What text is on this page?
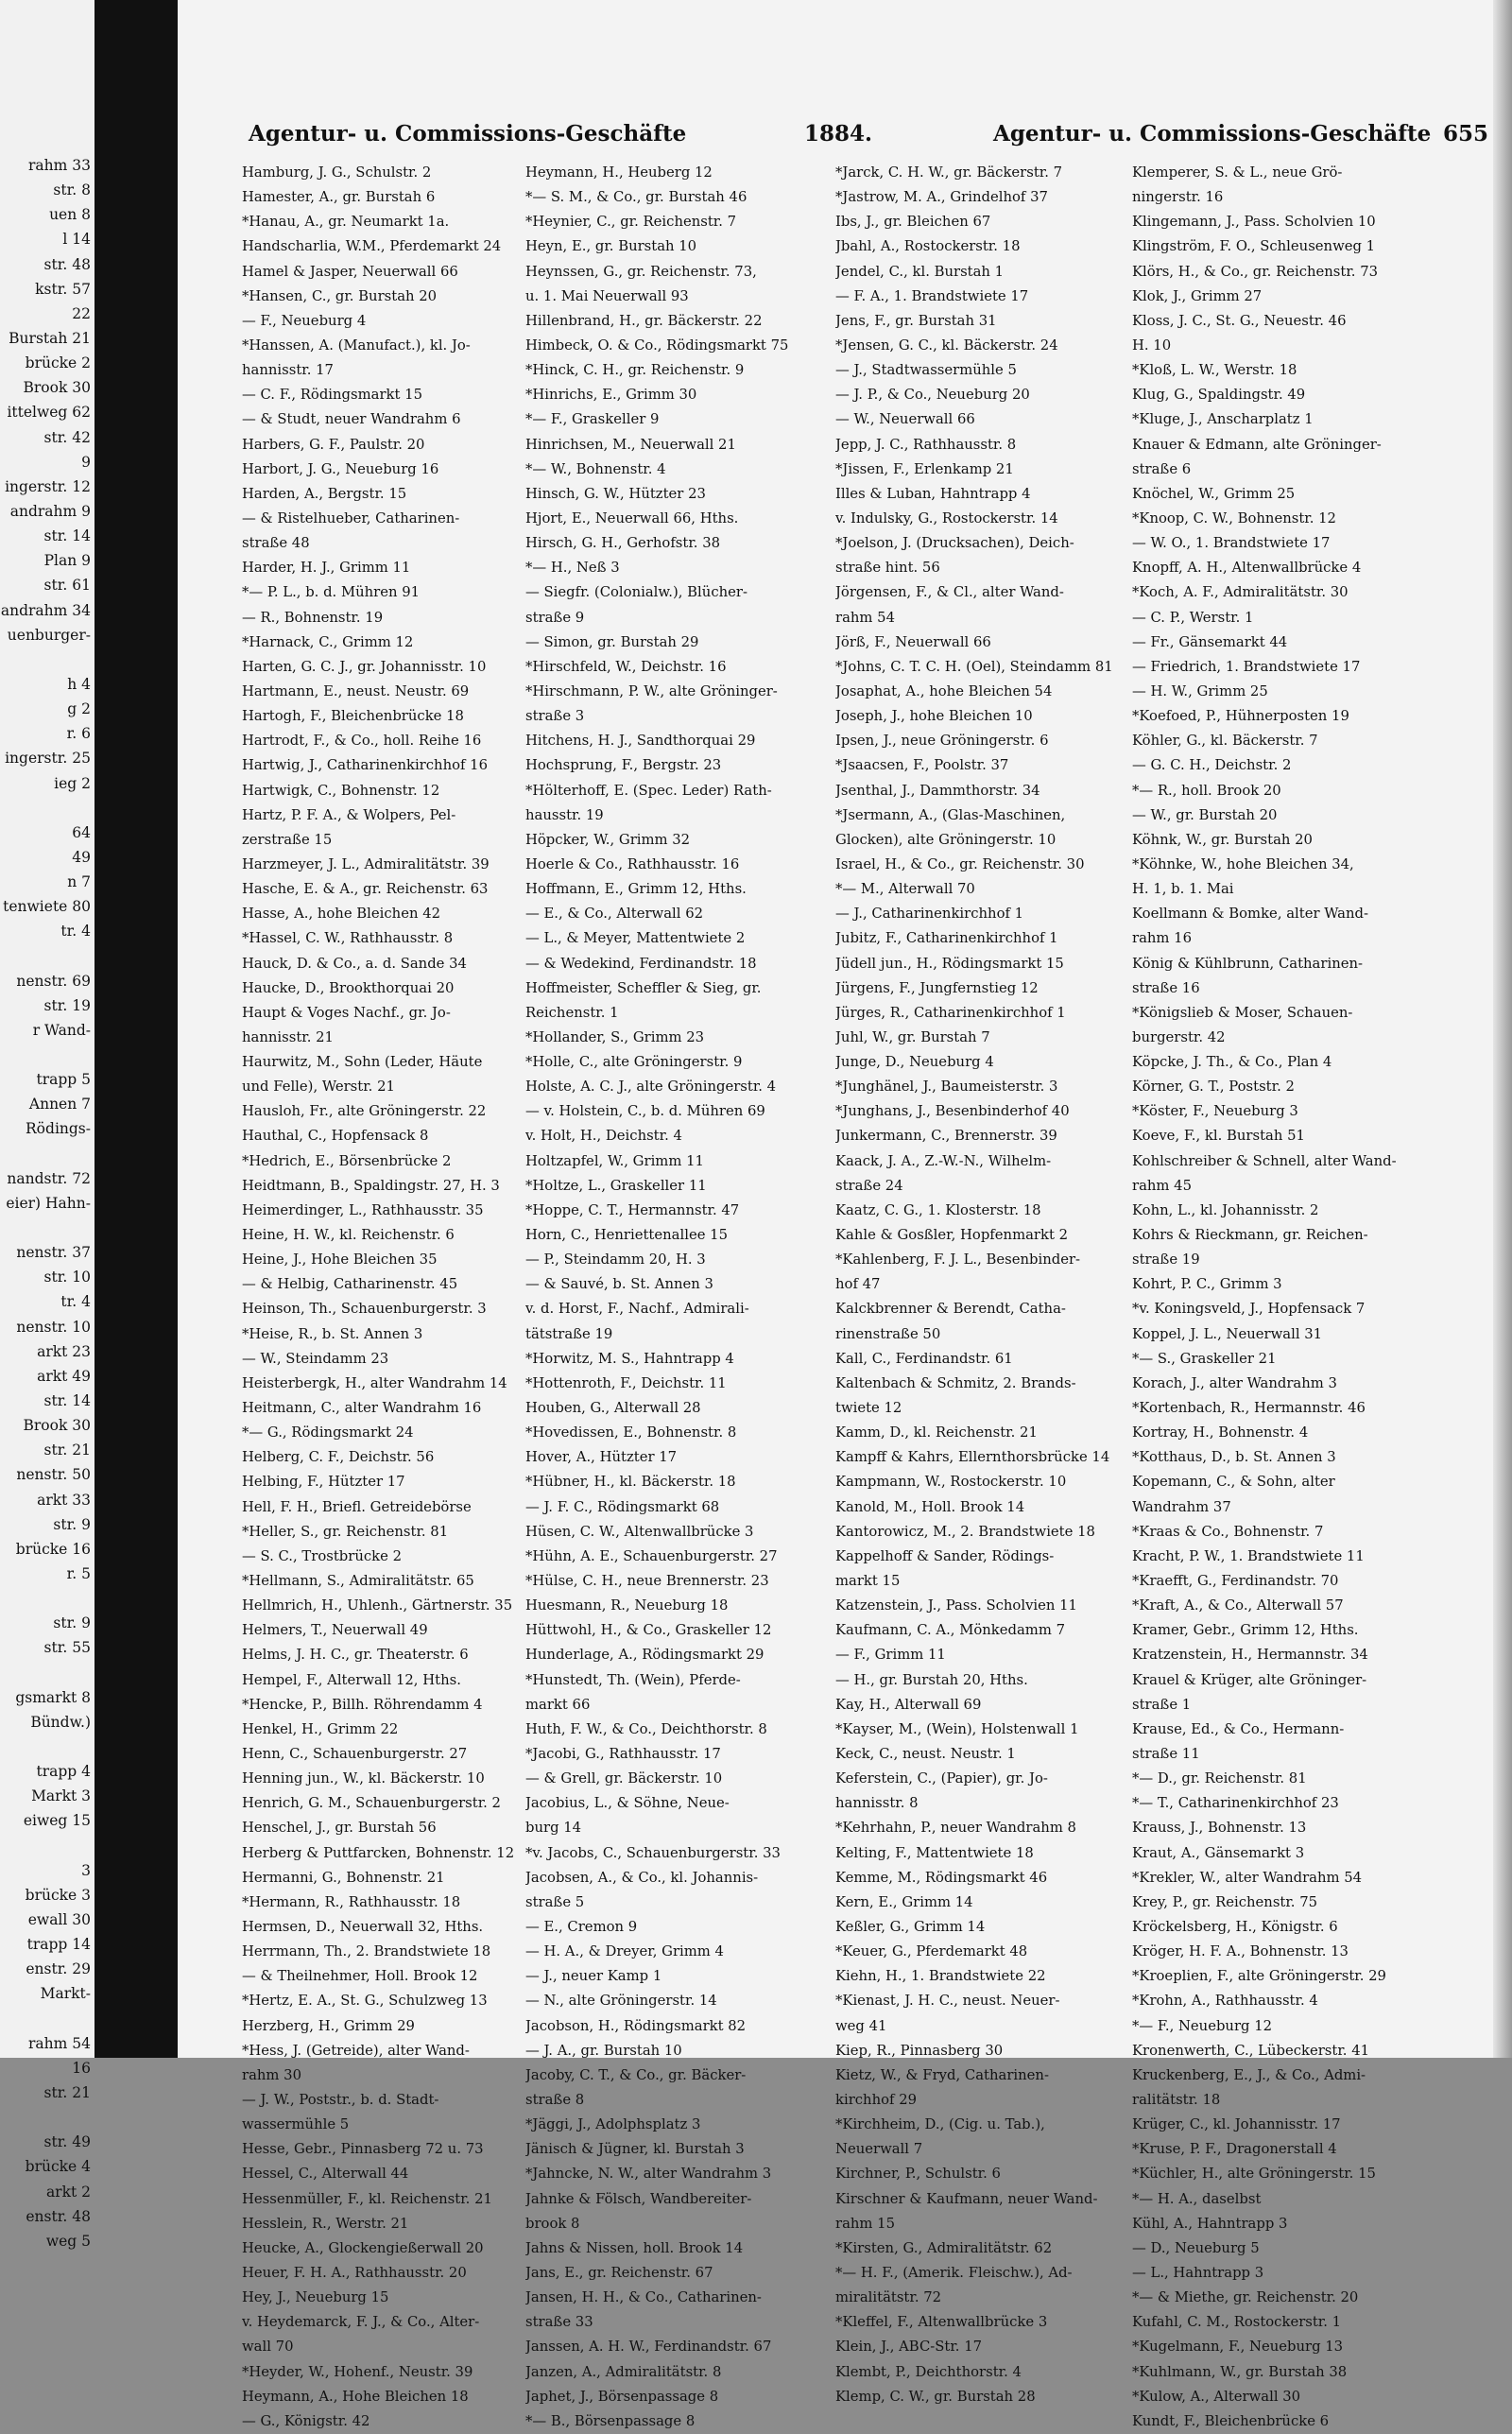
rahm 33
str. 8
uen 8
l 14
str. 48
kstr. 57
22
Burstah 21
brücke 2
Brook 30
ittelweg 62
str. 42
9
ingerstr. 12
andrahm 9
str. 14
Plan 9
str. 61
andrahm 34
uenburger-
h 4
g 2
r. 6
ingerstr. 25
ieg 2
64
49
n 7
tenwiete 80
tr. 4
nenstr. 69
str. 19
r Wand-
trapp 5
Annen 7
Rödings-
nandstr. 72
eier) Hahn-
nenstr. 37
str. 10
tr. 4
nenstr. 10
arkt 23
arkt 49
str. 14
Brook 30
str. 21
nenstr. 50
arkt 33
str. 9
brücke 16
r. 5
str. 9
str. 55
gsmarkt 8
Bündw.)
trapp 4
Markt 3
eiweg 15
3
brücke 3
ewall 30
trapp 14
enstr. 29
Markt-
rahm 54
16
str. 21
str. 49
brücke 4
arkt 2
enstr. 48
weg 5
Agentur- u. Commissions-Geschäfte	1884.	Agentur- u. Commissions-Geschäfte 655
Hamburg, J. G., Schulstr. 2
Hamester, A., gr. Burstah 6
*Hanau, A., gr. Neumarkt 1a.
Handscharlia, W.M., Pferdemarkt 24
Hamel & Jasper, Neuerwall 66
*Hansen, C., gr. Burstah 20
— F., Neueburg 4
*Hanssen, A. (Manufact.), kl. Jo-
hannisstr. 17
— C. F., Rödingsmarkt 15
— & Studt, neuer Wandrahm 6
Harbers, G. F., Paulstr. 20
Harbort, J. G., Neueburg 16
Harden, A., Bergstr. 15
— & Ristelhueber, Catharinen-
straße 48
Harder, H. J., Grimm 11
*— P. L., b. d. Mühren 91
— R., Bohnenstr. 19
*Harnack, C., Grimm 12
Harten, G. C. J., gr. Johannisstr. 10
Hartmann, E., neust. Neustr. 69
Hartogh, F., Bleichenbrücke 18
Hartrodt, F., & Co., holl. Reihe 16
Hartwig, J., Catharinenkirchhof 16
Hartwigk, C., Bohnenstr. 12
Hartz, P. F. A., & Wolpers, Pel-
zerstraße 15
Harzmeyer, J. L., Admiralitätstr. 39
Hasche, E. & A., gr. Reichenstr. 63
Hasse, A., hohe Bleichen 42
*Hassel, C. W., Rathhausstr. 8
Hauck, D. & Co., a. d. Sande 34
Haucke, D., Brookthorquai 20
Haupt & Voges Nachf., gr. Jo-
hannisstr. 21
Haurwitz, M., Sohn (Leder, Häute
und Felle), Werstr. 21
Hausloh, Fr., alte Gröningerstr. 22
Hauthal, C., Hopfensack 8
*Hedrich, E., Börsenbrücke 2
Heidtmann, B., Spaldingstr. 27, H. 3
Heimerdinger, L., Rathhausstr. 35
Heine, H. W., kl. Reichenstr. 6
Heine, J., Hohe Bleichen 35
— & Helbig, Catharinenstr. 45
Heinson, Th., Schauenburgerstr. 3
*Heise, R., b. St. Annen 3
— W., Steindamm 23
Heisterbergk, H., alter Wandrahm 14
Heitmann, C., alter Wandrahm 16
*— G., Rödingsmarkt 24
Helberg, C. F., Deichstr. 56
Helbing, F., Hützter 17
Hell, F. H., Briefl. Getreidebörse
*Heller, S., gr. Reichenstr. 81
— S. C., Trostbrücke 2
*Hellmann, S., Admiralitätstr. 65
Hellmrich, H., Uhlenh., Gärtnerstr. 35
Helmers, T., Neuerwall 49
Helms, J. H. C., gr. Theaterstr. 6
Hempel, F., Alterwall 12, Hths.
*Hencke, P., Billh. Röhrendamm 4
Henkel, H., Grimm 22
Henn, C., Schauenburgerstr. 27
Henning jun., W., kl. Bäckerstr. 10
Henrich, G. M., Schauenburgerstr. 2
Henschel, J., gr. Burstah 56
Herberg & Puttfarcken, Bohnenstr. 12
Hermanni, G., Bohnenstr. 21
*Hermann, R., Rathhausstr. 18
Hermsen, D., Neuerwall 32, Hths.
Herrmann, Th., 2. Brandstwiete 18
— & Theilnehmer, Holl. Brook 12
*Hertz, E. A., St. G., Schulzweg 13
Herzberg, H., Grimm 29
*Hess, J. (Getreide), alter Wand-
rahm 30
— J. W., Poststr., b. d. Stadt-
wassermühle 5
Hesse, Gebr., Pinnasberg 72 u. 73
Hessel, C., Alterwall 44
Hessenmüller, F., kl. Reichenstr. 21
Hesslein, R., Werstr. 21
Heucke, A., Glockengießerwall 20
Heuer, F. H. A., Rathhausstr. 20
Hey, J., Neueburg 15
v. Heydemarck, F. J., & Co., Alter-
wall 70
*Heyder, W., Hohenf., Neustr. 39
Heymann, A., Hohe Bleichen 18
— G., Königstr. 42
Heymann, H., Heuberg 12
*— S. M., & Co., gr. Burstah 46
*Heynier, C., gr. Reichenstr. 7
Heyn, E., gr. Burstah 10
Heynssen, G., gr. Reichenstr. 73,
u. 1. Mai Neuerwall 93
Hillenbrand, H., gr. Bäckerstr. 22
Himbeck, O. & Co., Rödingsmarkt 75
*Hinck, C. H., gr. Reichenstr. 9
*Hinrichs, E., Grimm 30
*— F., Graskeller 9
Hinrichsen, M., Neuerwall 21
*— W., Bohnenstr. 4
Hinsch, G. W., Hützter 23
Hjort, E., Neuerwall 66, Hths.
Hirsch, G. H., Gerhofstr. 38
*— H., Neß 3
— Siegfr. (Colonialw.), Blücher-
straße 9
— Simon, gr. Burstah 29
*Hirschfeld, W., Deichstr. 16
*Hirschmann, P. W., alte Gröninger-
straße 3
Hitchens, H. J., Sandthorquai 29
Hochsprung, F., Bergstr. 23
*Hölterhoff, E. (Spec. Leder) Rath-
hausstr. 19
Höpcker, W., Grimm 32
Hoerle & Co., Rathhausstr. 16
Hoffmann, E., Grimm 12, Hths.
— E., & Co., Alterwall 62
— L., & Meyer, Mattentwiete 2
— & Wedekind, Ferdinandstr. 18
Hoffmeister, Scheffler & Sieg, gr.
Reichenstr. 1
*Hollander, S., Grimm 23
*Holle, C., alte Gröningerstr. 9
Holste, A. C. J., alte Gröningerstr. 4
— v. Holstein, C., b. d. Mühren 69
v. Holt, H., Deichstr. 4
Holtzapfel, W., Grimm 11
*Holtze, L., Graskeller 11
*Hoppe, C. T., Hermannstr. 47
Horn, C., Henriettenallee 15
— P., Steindamm 20, H. 3
— & Sauvé, b. St. Annen 3
v. d. Horst, F., Nachf., Admirali-
tätstraße 19
*Horwitz, M. S., Hahntrapp 4
*Hottenroth, F., Deichstr. 11
Houben, G., Alterwall 28
*Hovedissen, E., Bohnenstr. 8
Hover, A., Hützter 17
*Hübner, H., kl. Bäckerstr. 18
— J. F. C., Rödingsmarkt 68
Hüsen, C. W., Altenwallbrücke 3
*Hühn, A. E., Schauenburgerstr. 27
*Hülse, C. H., neue Brennerstr. 23
Huesmann, R., Neueburg 18
Hüttwohl, H., & Co., Graskeller 12
Hunderlage, A., Rödingsmarkt 29
*Hunstedt, Th. (Wein), Pferde-
markt 66
Huth, F. W., & Co., Deichthorstr. 8
*Jacobi, G., Rathhausstr. 17
— & Grell, gr. Bäckerstr. 10
Jacobius, L., & Söhne, Neue-
burg 14
*v. Jacobs, C., Schauenburgerstr. 33
Jacobsen, A., & Co., kl. Johannis-
straße 5
— E., Cremon 9
— H. A., & Dreyer, Grimm 4
— J., neuer Kamp 1
— N., alte Gröningerstr. 14
Jacobson, H., Rödingsmarkt 82
— J. A., gr. Burstah 10
Jacoby, C. T., & Co., gr. Bäcker-
straße 8
*Jäggi, J., Adolphsplatz 3
Jänisch & Jügner, kl. Burstah 3
*Jahncke, N. W., alter Wandrahm 3
Jahnke & Fölsch, Wandbereiter-
brook 8
Jahns & Nissen, holl. Brook 14
Jans, E., gr. Reichenstr. 67
Jansen, H. H., & Co., Catharinen-
straße 33
Janssen, A. H. W., Ferdinandstr. 67
Janzen, A., Admiralitätstr. 8
Japhet, J., Börsenpassage 8
*— B., Börsenpassage 8
*Jarck, C. H. W., gr. Bäckerstr. 7
*Jastrow, M. A., Grindelhof 37
Ibs, J., gr. Bleichen 67
Jbahl, A., Rostockerstr. 18
Jendel, C., kl. Burstah 1
— F. A., 1. Brandstwiete 17
Jens, F., gr. Burstah 31
*Jensen, G. C., kl. Bäckerstr. 24
— J., Stadtwassermühle 5
— J. P., & Co., Neueburg 20
— W., Neuerwall 66
Jepp, J. C., Rathhausstr. 8
*Jissen, F., Erlenkamp 21
Illes & Luban, Hahntrapp 4
v. Indulsky, G., Rostockerstr. 14
*Joelson, J. (Drucksachen), Deich-
straße hint. 56
Jörgensen, F., & Cl., alter Wand-
rahm 54
Jörß, F., Neuerwall 66
*Johns, C. T. C. H. (Oel), Steindamm 81
Josaphat, A., hohe Bleichen 54
Joseph, J., hohe Bleichen 10
Ipsen, J., neue Gröningerstr. 6
*Jsaacsen, F., Poolstr. 37
Jsenthal, J., Dammthorstr. 34
*Jsermann, A., (Glas-Maschinen,
Glocken), alte Gröningerstr. 10
Israel, H., & Co., gr. Reichenstr. 30
*— M., Alterwall 70
— J., Catharinenkirchhof 1
Jubitz, F., Catharinenkirchhof 1
Jüdell jun., H., Rödingsmarkt 15
Jürgens, F., Jungfernstieg 12
Jürges, R., Catharinenkirchhof 1
Juhl, W., gr. Burstah 7
Junge, D., Neueburg 4
*Junghänel, J., Baumeisterstr. 3
*Junghans, J., Besenbinderhof 40
Junkermann, C., Brennerstr. 39
Kaack, J. A., Z.-W.-N., Wilhelm-
straße 24
Kaatz, C. G., 1. Klosterstr. 18
Kahle & Gosßler, Hopfenmarkt 2
*Kahlenberg, F. J. L., Besenbinder-
hof 47
Kalckbrenner & Berendt, Catha-
rinenstraße 50
Kall, C., Ferdinandstr. 61
Kaltenbach & Schmitz, 2. Brands-
twiete 12
Kamm, D., kl. Reichenstr. 21
Kampff & Kahrs, Ellernthorsbrücke 14
Kampmann, W., Rostockerstr. 10
Kanold, M., Holl. Brook 14
Kantorowicz, M., 2. Brandstwiete 18
Kappelhoff & Sander, Rödings-
markt 15
Katzenstein, J., Pass. Scholvien 11
Kaufmann, C. A., Mönkedamm 7
— F., Grimm 11
— H., gr. Burstah 20, Hths.
Kay, H., Alterwall 69
*Kayser, M., (Wein), Holstenwall 1
Keck, C., neust. Neustr. 1
Keferstein, C., (Papier), gr. Jo-
hannisstr. 8
*Kehrhahn, P., neuer Wandrahm 8
Kelting, F., Mattentwiete 18
Kemme, M., Rödingsmarkt 46
Kern, E., Grimm 14
Keßler, G., Grimm 14
*Keuer, G., Pferdemarkt 48
Kiehn, H., 1. Brandstwiete 22
*Kienast, J. H. C., neust. Neuer-
weg 41
Kiep, R., Pinnasberg 30
Kietz, W., & Fryd, Catharinen-
kirchhof 29
*Kirchheim, D., (Cig. u. Tab.),
Neuerwall 7
Kirchner, P., Schulstr. 6
Kirschner & Kaufmann, neuer Wand-
rahm 15
*Kirsten, G., Admiralitätstr. 62
*— H. F., (Amerik. Fleischw.), Ad-
miralitätstr. 72
*Kleffel, F., Altenwallbrücke 3
Klein, J., ABC-Str. 17
Klembt, P., Deichthorstr. 4
Klemp, C. W., gr. Burstah 28
Klemperer, S. & L., neue Grö-
ningerstr. 16
Klingemann, J., Pass. Scholvien 10
Klingström, F. O., Schleusenweg 1
Klörs, H., & Co., gr. Reichenstr. 73
Klok, J., Grimm 27
Kloss, J. C., St. G., Neuestr. 46
H. 10
*Kloß, L. W., Werstr. 18
Klug, G., Spaldingstr. 49
*Kluge, J., Anscharplatz 1
Knauer & Edmann, alte Gröninger-
straße 6
Knöchel, W., Grimm 25
*Knoop, C. W., Bohnenstr. 12
— W. O., 1. Brandstwiete 17
Knopff, A. H., Altenwallbrücke 4
*Koch, A. F., Admiralitätstr. 30
— C. P., Werstr. 1
— Fr., Gänsemarkt 44
— Friedrich, 1. Brandstwiete 17
— H. W., Grimm 25
*Koefoed, P., Hühnerposten 19
Köhler, G., kl. Bäckerstr. 7
— G. C. H., Deichstr. 2
*— R., holl. Brook 20
— W., gr. Burstah 20
Köhnk, W., gr. Burstah 20
*Köhnke, W., hohe Bleichen 34,
H. 1, b. 1. Mai
Koellmann & Bomke, alter Wand-
rahm 16
König & Kühlbrunn, Catharinen-
straße 16
*Königslieb & Moser, Schauen-
burgerstr. 42
Köpcke, J. Th., & Co., Plan 4
Körner, G. T., Poststr. 2
*Köster, F., Neueburg 3
Koeve, F., kl. Burstah 51
Kohlschreiber & Schnell, alter Wand-
rahm 45
Kohn, L., kl. Johannisstr. 2
Kohrs & Rieckmann, gr. Reichen-
straße 19
Kohrt, P. C., Grimm 3
*v. Koningsveld, J., Hopfensack 7
Koppel, J. L., Neuerwall 31
*— S., Graskeller 21
Korach, J., alter Wandrahm 3
*Kortenbach, R., Hermannstr. 46
Kortray, H., Bohnenstr. 4
*Kotthaus, D., b. St. Annen 3
Kopemann, C., & Sohn, alter
Wandrahm 37
*Kraas & Co., Bohnenstr. 7
Kracht, P. W., 1. Brandstwiete 11
*Kraefft, G., Ferdinandstr. 70
*Kraft, A., & Co., Alterwall 57
Kramer, Gebr., Grimm 12, Hths.
Kratzenstein, H., Hermannstr. 34
Krauel & Krüger, alte Gröninger-
straße 1
Krause, Ed., & Co., Hermann-
straße 11
*— D., gr. Reichenstr. 81
*— T., Catharinenkirchhof 23
Krauss, J., Bohnenstr. 13
Kraut, A., Gänsemarkt 3
*Krekler, W., alter Wandrahm 54
Krey, P., gr. Reichenstr. 75
Kröckelsberg, H., Königstr. 6
Kröger, H. F. A., Bohnenstr. 13
*Kroeplien, F., alte Gröningerstr. 29
*Krohn, A., Rathhausstr. 4
*— F., Neueburg 12
Kronenwerth, C., Lübeckerstr. 41
Kruckenberg, E., J., & Co., Admi-
ralitätstr. 18
Krüger, C., kl. Johannisstr. 17
*Kruse, P. F., Dragonerstall 4
*Küchler, H., alte Gröningerstr. 15
*— H. A., daselbst
Kühl, A., Hahntrapp 3
— D., Neueburg 5
— L., Hahntrapp 3
*— & Miethe, gr. Reichenstr. 20
Kufahl, C. M., Rostockerstr. 1
*Kugelmann, F., Neueburg 13
*Kuhlmann, W., gr. Burstah 38
*Kulow, A., Alterwall 30
Kundt, F., Bleichenbrücke 6
